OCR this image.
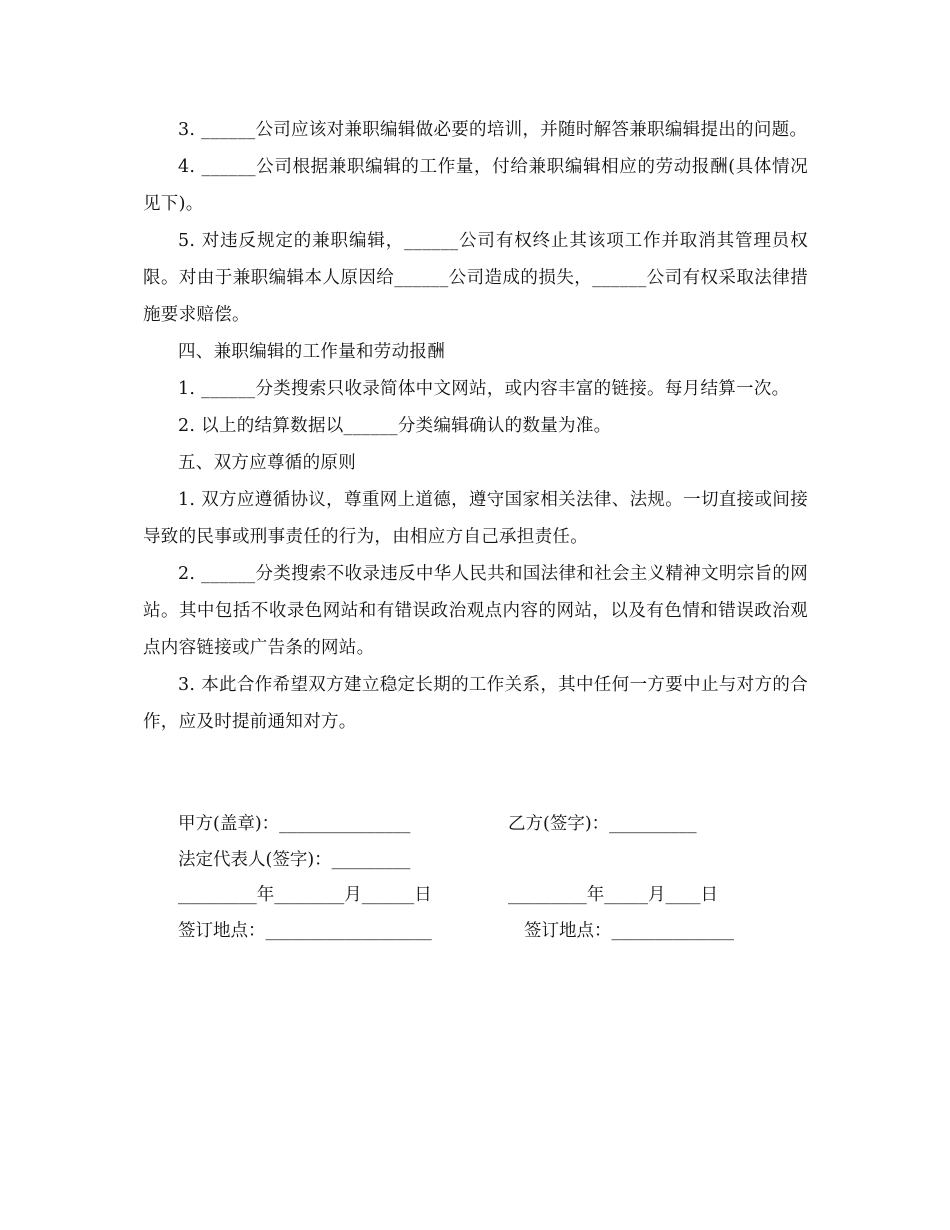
3. ______公司应该对兼职编辑做必要的培训，并随时解答兼职编辑提出的问题。

4. ______公司根据兼职编辑的工作量，付给兼职编辑相应的劳动报酬(具体情况见下)。

5. 对违反规定的兼职编辑，______公司有权终止其该项工作并取消其管理员权限。对由于兼职编辑本人原因给______公司造成的损失，______公司有权采取法律措施要求赔偿。

四、兼职编辑的工作量和劳动报酬

1. ______分类搜索只收录简体中文网站，或内容丰富的链接。每月结算一次。

2. 以上的结算数据以______分类编辑确认的数量为准。

五、双方应尊循的原则

1. 双方应遵循协议，尊重网上道德，遵守国家相关法律、法规。一切直接或间接导致的民事或刑事责任的行为，由相应方自己承担责任。

2. ______分类搜索不收录违反中华人民共和国法律和社会主义精神文明宗旨的网站。其中包括不收录色网站和有错误政治观点内容的网站，以及有色情和错误政治观点内容链接或广告条的网站。

3. 本此合作希望双方建立稳定长期的工作关系，其中任何一方要中止与对方的合作，应及时提前通知对方。

甲方(盖章)：_______________	乙方(签字)：__________
法定代表人(签字)：_________
_________年________月______日	_________年_____月____日
签订地点：___________________	签订地点：______________
